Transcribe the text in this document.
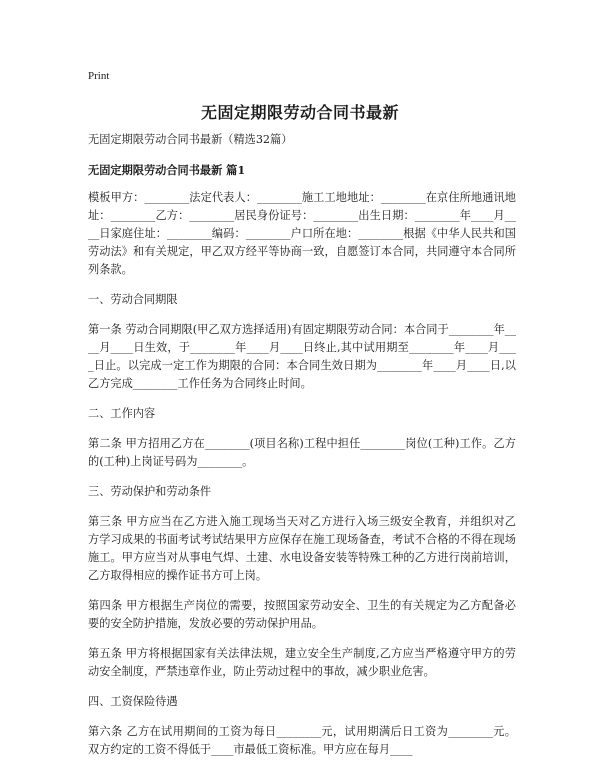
Print
无固定期限劳动合同书最新

无固定期限劳动合同书最新（精选32篇）

无固定期限劳动合同书最新 篇1

模板甲方：________法定代表人：________施工工地地址：________在京住所地通讯地址：________乙方：________居民身份证号：________出生日期：________年____月____日家庭住址：________编码：________户口所在地：________根据《中华人民共和国劳动法》和有关规定，甲乙双方经平等协商一致，自愿签订本合同，共同遵守本合同所列条款。

一、劳动合同期限

第一条 劳动合同期限(甲乙双方选择适用)有固定期限劳动合同：本合同于________年____月____日生效，于________年____月____日终止,其中试用期至________年____月____日止。以完成一定工作为期限的合同：本合同生效日期为________年____月____日,以乙方完成________工作任务为合同终止时间。

二、工作内容

第二条 甲方招用乙方在________(项目名称)工程中担任________岗位(工种)工作。乙方的(工种)上岗证号码为________。

三、劳动保护和劳动条件

第三条 甲方应当在乙方进入施工现场当天对乙方进行入场三级安全教育，并组织对乙方学习成果的书面考试考试结果甲方应保存在施工现场备查，考试不合格的不得在现场施工。甲方应当对从事电气焊、土建、水电设备安装等特殊工种的乙方进行岗前培训，乙方取得相应的操作证书方可上岗。

第四条 甲方根据生产岗位的需要，按照国家劳动安全、卫生的有关规定为乙方配备必要的安全防护措施，发放必要的劳动保护用品。

第五条 甲方将根据国家有关法律法规，建立安全生产制度,乙方应当严格遵守甲方的劳动安全制度，严禁违章作业，防止劳动过程中的事故，减少职业危害。

四、工资保险待遇

第六条 乙方在试用期间的工资为每日________元，试用期满后日工资为________元。双方约定的工资不得低于____市最低工资标准。甲方应在每月____
